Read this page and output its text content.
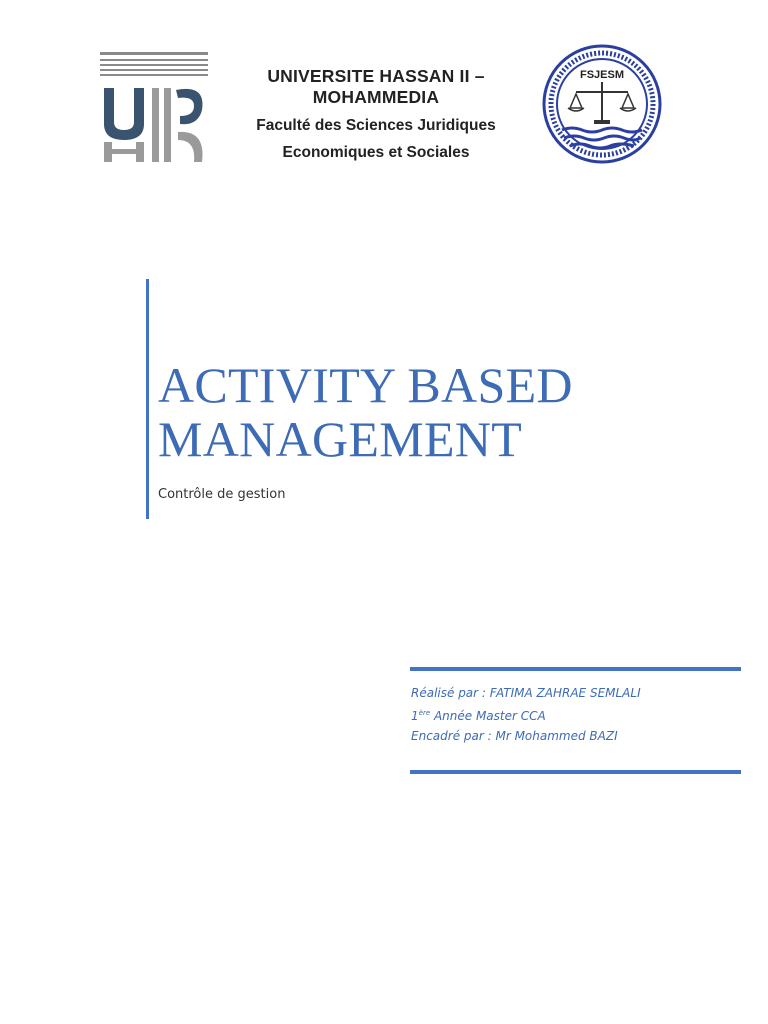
UNIVERSITE HASSAN II – MOHAMMEDIA

Faculté des Sciences Juridiques
Economiques et Sociales
FSJESM
ACTIVITY BASED
MANAGEMENT
Contrôle de gestion
Réalisé par : FATIMA ZAHRAE SEMLALI
1ère Année Master CCA
Encadré par : Mr Mohammed BAZI
